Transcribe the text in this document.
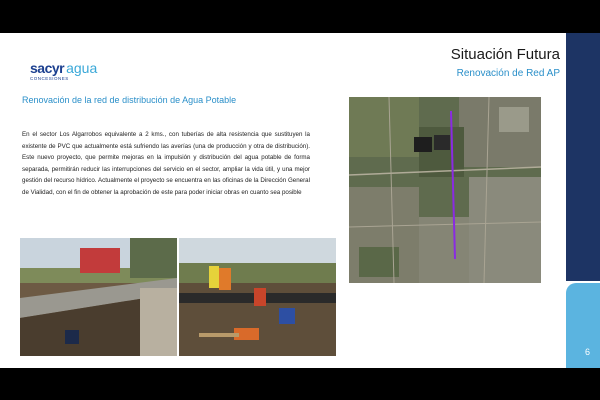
sacyr agua
CONCESIONES
Situación Futura
Renovación de Red AP
Renovación de la red de distribución de Agua Potable
En el sector Los Algarrobos equivalente a 2 kms., con tuberías de alta resistencia que sustituyen la existente de PVC que actualmente está sufriendo las averías (una de producción y otra de distribución). Este nuevo proyecto, que permite mejoras en la impulsión y distribución del agua potable de forma separada, permitirán reducir las interrupciones del servicio en el sector, ampliar la vida útil, y una mejor gestión del recurso hídrico. Actualmente el proyecto se encuentra en las oficinas de la Dirección General de Vialidad, con el fin de obtener la aprobación de este para poder iniciar obras en cuanto sea posible
6
